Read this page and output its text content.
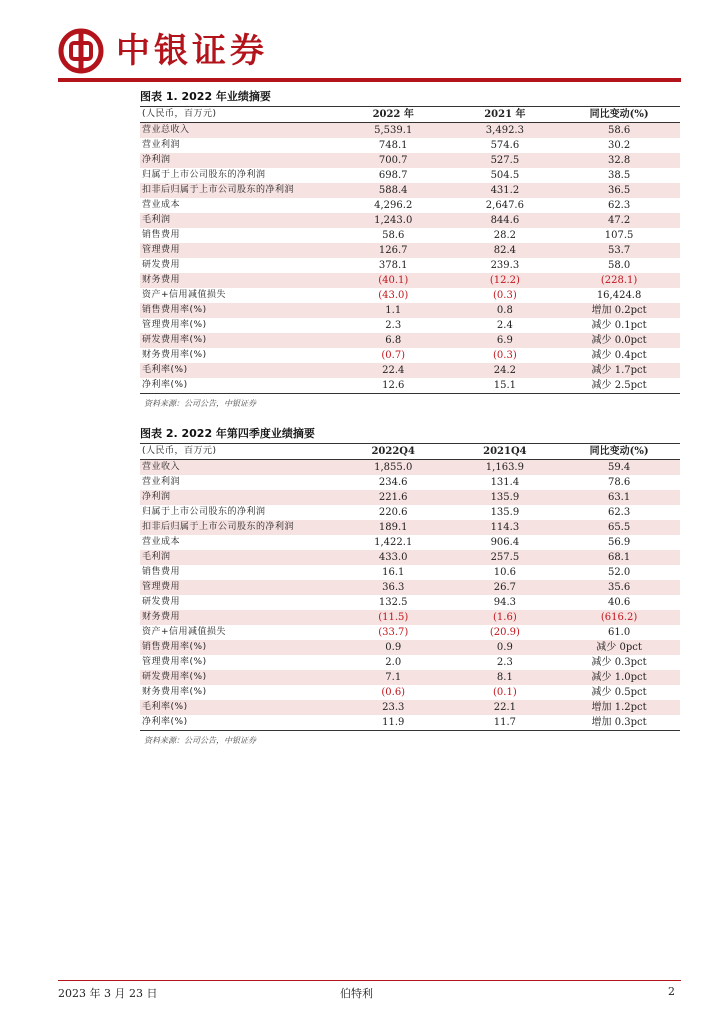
中银证券
图表 1. 2022 年业绩摘要
(人民币，百万元)	2022 年	2021 年	同比变动(%)
营业总收入	5,539.1	3,492.3	58.6
营业利润	748.1	574.6	30.2
净利润	700.7	527.5	32.8
归属于上市公司股东的净利润	698.7	504.5	38.5
扣非后归属于上市公司股东的净利润	588.4	431.2	36.5
营业成本	4,296.2	2,647.6	62.3
毛利润	1,243.0	844.6	47.2
销售费用	58.6	28.2	107.5
管理费用	126.7	82.4	53.7
研发费用	378.1	239.3	58.0
财务费用	(40.1)	(12.2)	(228.1)
资产+信用减值损失	(43.0)	(0.3)	16,424.8
销售费用率(%)	1.1	0.8	增加 0.2pct
管理费用率(%)	2.3	2.4	减少 0.1pct
研发费用率(%)	6.8	6.9	减少 0.0pct
财务费用率(%)	(0.7)	(0.3)	减少 0.4pct
毛利率(%)	22.4	24.2	减少 1.7pct
净利率(%)	12.6	15.1	减少 2.5pct
资料来源：公司公告，中银证券
图表 2. 2022 年第四季度业绩摘要
(人民币，百万元)	2022Q4	2021Q4	同比变动(%)
营业收入	1,855.0	1,163.9	59.4
营业利润	234.6	131.4	78.6
净利润	221.6	135.9	63.1
归属于上市公司股东的净利润	220.6	135.9	62.3
扣非后归属于上市公司股东的净利润	189.1	114.3	65.5
营业成本	1,422.1	906.4	56.9
毛利润	433.0	257.5	68.1
销售费用	16.1	10.6	52.0
管理费用	36.3	26.7	35.6
研发费用	132.5	94.3	40.6
财务费用	(11.5)	(1.6)	(616.2)
资产+信用减值损失	(33.7)	(20.9)	61.0
销售费用率(%)	0.9	0.9	减少 0pct
管理费用率(%)	2.0	2.3	减少 0.3pct
研发费用率(%)	7.1	8.1	减少 1.0pct
财务费用率(%)	(0.6)	(0.1)	减少 0.5pct
毛利率(%)	23.3	22.1	增加 1.2pct
净利率(%)	11.9	11.7	增加 0.3pct
资料来源：公司公告，中银证券
2023 年 3 月 23 日	伯特利	2
